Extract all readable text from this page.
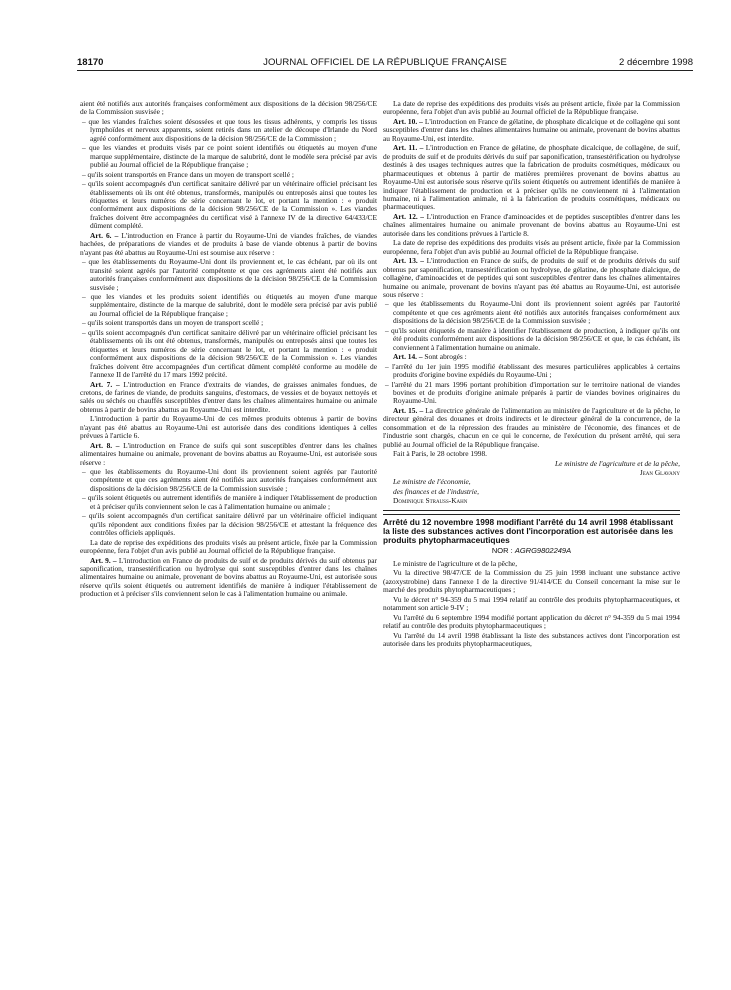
18170	JOURNAL OFFICIEL DE LA RÉPUBLIQUE FRANÇAISE	2 décembre 1998

aient été notifiés aux autorités françaises conformément aux dispositions de la décision 98/256/CE de la Commission susvisée ;

– que les viandes fraîches soient désossées et que tous les tissus adhérents, y compris les tissus lymphoïdes et nerveux apparents, soient retirés dans un atelier de découpe d'Irlande du Nord agréé conformément aux dispositions de la décision 98/256/CE de la Commission ;

– que les viandes et produits visés par ce point soient identifiés ou étiquetés au moyen d'une marque supplémentaire, distincte de la marque de salubrité, dont le modèle sera précisé par avis publié au Journal officiel de la République française ;

– qu'ils soient transportés en France dans un moyen de transport scellé ;

– qu'ils soient accompagnés d'un certificat sanitaire délivré par un vétérinaire officiel précisant les établissements où ils ont été obtenus, transformés, manipulés ou entreposés ainsi que toutes les étiquettes et leurs numéros de série concernant le lot, et portant la mention : « produit conformément aux dispositions de la décision 98/256/CE de la Commission ». Les viandes fraîches doivent être accompagnées du certificat visé à l'annexe IV de la directive 64/433/CE dûment complété.

Art. 6. – L'introduction en France à partir du Royaume-Uni de viandes fraîches, de viandes hachées, de préparations de viandes et de produits à base de viande obtenus à partir de bovins n'ayant pas été abattus au Royaume-Uni est soumise aux réserve :

– que les établissements du Royaume-Uni dont ils proviennent et, le cas échéant, par où ils ont transité soient agréés par l'autorité compétente et que ces agréments aient été notifiés aux autorités françaises conformément aux dispositions de la décision 98/256/CE de la Commission susvisée ;

– que les viandes et les produits soient identifiés ou étiquetés au moyen d'une marque supplémentaire, distincte de la marque de salubrité, dont le modèle sera précisé par avis publié au Journal officiel de la République française ;

– qu'ils soient transportés dans un moyen de transport scellé ;

– qu'ils soient accompagnés d'un certificat sanitaire délivré par un vétérinaire officiel précisant les établissements où ils ont été obtenus, transformés, manipulés ou entreposés ainsi que toutes les étiquettes et leurs numéros de série concernant le lot, et portant la mention : « produit conformément aux dispositions de la décision 98/256/CE de la Commission ». Les viandes fraîches doivent être accompagnées d'un certificat dûment complété conforme au modèle de l'annexe II de l'arrêté du 17 mars 1992 précité.

Art. 7. – L'introduction en France d'extraits de viandes, de graisses animales fondues, de cretons, de farines de viande, de produits sanguins, d'estomacs, de vessies et de boyaux nettoyés et salés ou séchés ou chauffés susceptibles d'entrer dans les chaînes alimentaires humaine ou animale obtenus à partir de bovins abattus au Royaume-Uni est interdite.

L'introduction à partir du Royaume-Uni de ces mêmes produits obtenus à partir de bovins n'ayant pas été abattus au Royaume-Uni est autorisée dans des conditions identiques à celles prévues à l'article 6.

Art. 8. – L'introduction en France de suifs qui sont susceptibles d'entrer dans les chaînes alimentaires humaine ou animale, provenant de bovins abattus au Royaume-Uni, est autorisée sous réserve :

– que les établissements du Royaume-Uni dont ils proviennent soient agréés par l'autorité compétente et que ces agréments aient été notifiés aux autorités françaises conformément aux dispositions de la décision 98/256/CE de la Commission susvisée ;

– qu'ils soient étiquetés ou autrement identifiés de manière à indiquer l'établissement de production et à préciser qu'ils conviennent selon le cas à l'alimentation humaine ou animale ;

– qu'ils soient accompagnés d'un certificat sanitaire délivré par un vétérinaire officiel indiquant qu'ils répondent aux conditions fixées par la décision 98/256/CE et attestant la fréquence des contrôles officiels appliqués.

La date de reprise des expéditions des produits visés au présent article, fixée par la Commission européenne, fera l'objet d'un avis publié au Journal officiel de la République française.

Art. 9. – L'introduction en France de produits de suif et de produits dérivés du suif obtenus par saponification, transestérification ou hydrolyse qui sont susceptibles d'entrer dans les chaînes alimentaires humaine ou animale, provenant de bovins abattus au Royaume-Uni, est autorisée sous réserve qu'ils soient étiquetés ou autrement identifiés de manière à indiquer l'établissement de production et à préciser s'ils conviennent selon le cas à l'alimentation humaine ou animale.

La date de reprise des expéditions des produits visés au présent article, fixée par la Commission européenne, fera l'objet d'un avis publié au Journal officiel de la République française.

Art. 10. – L'introduction en France de gélatine, de phosphate dicalcique et de collagène qui sont susceptibles d'entrer dans les chaînes alimentaires humaine ou animale, provenant de bovins abattus au Royaume-Uni, est interdite.

Art. 11. – L'introduction en France de gélatine, de phosphate dicalcique, de collagène, de suif, de produits de suif et de produits dérivés du suif par saponification, transestérification ou hydrolyse destinés à des usages techniques autres que la fabrication de produits cosmétiques, médicaux ou pharmaceutiques et obtenus à partir de matières premières provenant de bovins abattus au Royaume-Uni est autorisée sous réserve qu'ils soient étiquetés ou autrement identifiés de manière à indiquer l'établissement de production et à préciser qu'ils ne conviennent ni à l'alimentation humaine, ni à l'alimentation animale, ni à la fabrication de produits cosmétiques, médicaux ou pharmaceutiques.

Art. 12. – L'introduction en France d'aminoacides et de peptides susceptibles d'entrer dans les chaînes alimentaires humaine ou animale provenant de bovins abattus au Royaume-Uni est autorisée dans les conditions prévues à l'article 8.

La date de reprise des expéditions des produits visés au présent article, fixée par la Commission européenne, fera l'objet d'un avis publié au Journal officiel de la République française.

Art. 13. – L'introduction en France de suifs, de produits de suif et de produits dérivés du suif obtenus par saponification, transestérification ou hydrolyse, de gélatine, de phosphate dialcique, de collagène, d'aminoacides et de peptides qui sont susceptibles d'entrer dans les chaînes alimentaires humaine ou animale, provenant de bovins n'ayant pas été abattus au Royaume-Uni, est autorisée sous réserve :

– que les établissements du Royaume-Uni dont ils proviennent soient agréés par l'autorité compétente et que ces agréments aient été notifiés aux autorités françaises conformément aux dispositions de la décision 98/256/CE de la Commission susvisée ;

– qu'ils soient étiquetés de manière à identifier l'établissement de production, à indiquer qu'ils ont été produits conformément aux dispositions de la décision 98/256/CE et que, le cas échéant, ils conviennent à l'alimentation humaine ou animale.

Art. 14. – Sont abrogés :

– l'arrêté du 1er juin 1995 modifié établissant des mesures particulières applicables à certains produits d'origine bovine expédiés du Royaume-Uni ;

– l'arrêté du 21 mars 1996 portant prohibition d'importation sur le territoire national de viandes bovines et de produits d'origine animale préparés à partir de viandes bovines originaires du Royaume-Uni.

Art. 15. – La directrice générale de l'alimentation au ministère de l'agriculture et de la pêche, le directeur général des douanes et droits indirects et le directeur général de la concurrence, de la consommation et de la répression des fraudes au ministère de l'économie, des finances et de l'industrie sont chargés, chacun en ce qui le concerne, de l'exécution du présent arrêté, qui sera publié au Journal officiel de la République française.

Fait à Paris, le 28 octobre 1998.

Le ministre de l'agriculture et de la pêche,

Jean Glavany

Le ministre de l'économie,

des finances et de l'industrie,

Dominique Strauss-Kahn

Arrêté du 12 novembre 1998 modifiant l'arrêté du 14 avril 1998 établissant la liste des substances actives dont l'incorporation est autorisée dans les produits phytopharmaceutiques
NOR : AGRG9802249A

Le ministre de l'agriculture et de la pêche,

Vu la directive 98/47/CE de la Commission du 25 juin 1998 incluant une substance active (azoxystrobine) dans l'annexe I de la directive 91/414/CE du Conseil concernant la mise sur le marché des produits phytopharmaceutiques ;

Vu le décret n° 94-359 du 5 mai 1994 relatif au contrôle des produits phytopharmaceutiques, et notamment son article 9-IV ;

Vu l'arrêté du 6 septembre 1994 modifié portant application du décret n° 94-359 du 5 mai 1994 relatif au contrôle des produits phytopharmaceutiques ;

Vu l'arrêté du 14 avril 1998 établissant la liste des substances actives dont l'incorporation est autorisée dans les produits phytopharmaceutiques,
